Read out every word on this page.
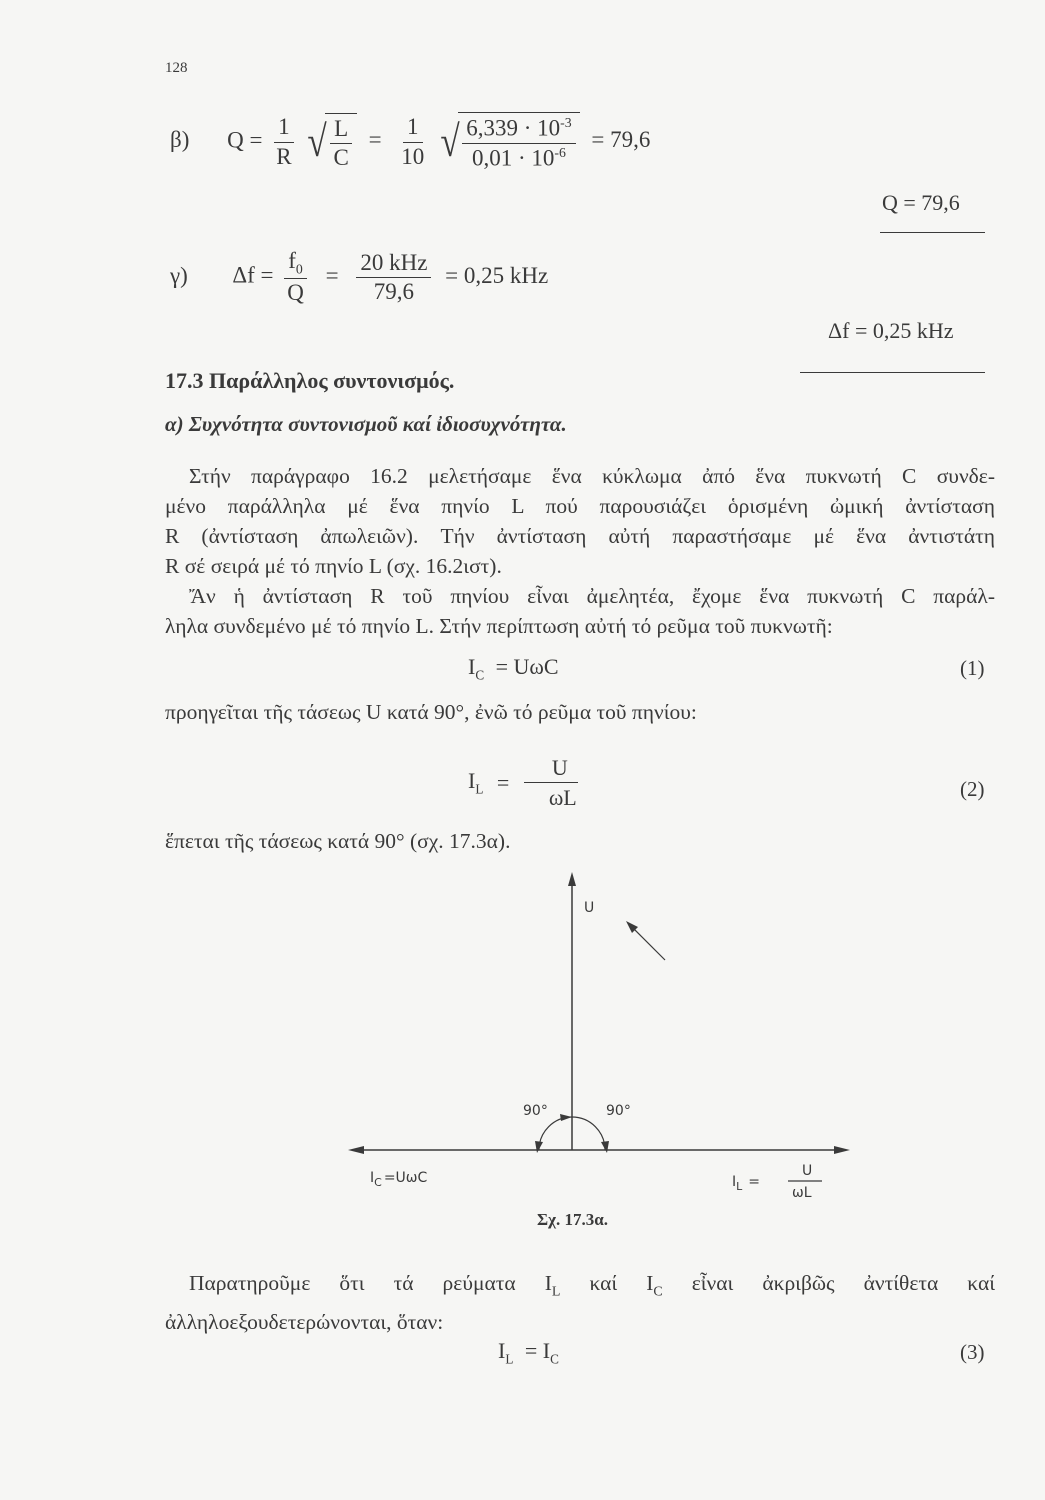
128
β) $Q = \frac{1}{R}$
√ $\frac{L}{C} = \frac{1}{10}$
√ $\frac{6,339 \cdot 10^{-3}}{0,01 \cdot 10^{-6}} = 79,6$
Q = 79,6
γ) $\Delta f = \frac{f_0}{Q} = \frac{\text{20 kHz}}{79,6} = 0,25$ kHz
Δf = 0,25 kHz
17.3 Παράλληλος συντονισμός.
α) Συχνότητα συντονισμοῦ καί ἰδιοσυχνότητα.
Στήν παράγραφο 16.2 μελετήσαμε ἕνα κύκλωμα ἀπό ἕνα πυκνωτή C συνδε-
μένο παράλληλα μέ ἕνα πηνίο L πού παρουσιάζει ὁρισμένη ὠμική ἀντίσταση
R (ἀντίσταση ἀπωλειῶν). Τήν ἀντίσταση αὐτή παραστήσαμε μέ ἕνα ἀντιστάτη
R σέ σειρά μέ τό πηνίο L (σχ. 16.2ιστ).
Ἄν ἡ ἀντίσταση R τοῦ πηνίου εἶναι ἀμελητέα, ἔχομε ἕνα πυκνωτή C παράλ-
ληλα συνδεμένο μέ τό πηνίο L. Στήν περίπτωση αὐτή τό ρεῦμα τοῦ πυκνωτῆ:
$I_C = U\omega C$	(1)
προηγεῖται τῆς τάσεως U κατά 90°, ἐνῶ τό ρεῦμα τοῦ πηνίου:
$I_L = \frac{U}{\omega L}$	(2)
ἕπεται τῆς τάσεως κατά 90° (σχ. 17.3α).
U
90°	90°
$I_C =U\omega C$	$I_L$ =
U
ωL
Σχ. 17.3α.
Παρατηροῦμε ὅτι τά ρεύματα $I_L$ καί $I_C$ εἶναι ἀκριβῶς ἀντίθετα καί
ἀλληλοεξουδετερώνονται, ὅταν:
$I_L = I_C$	(3)
